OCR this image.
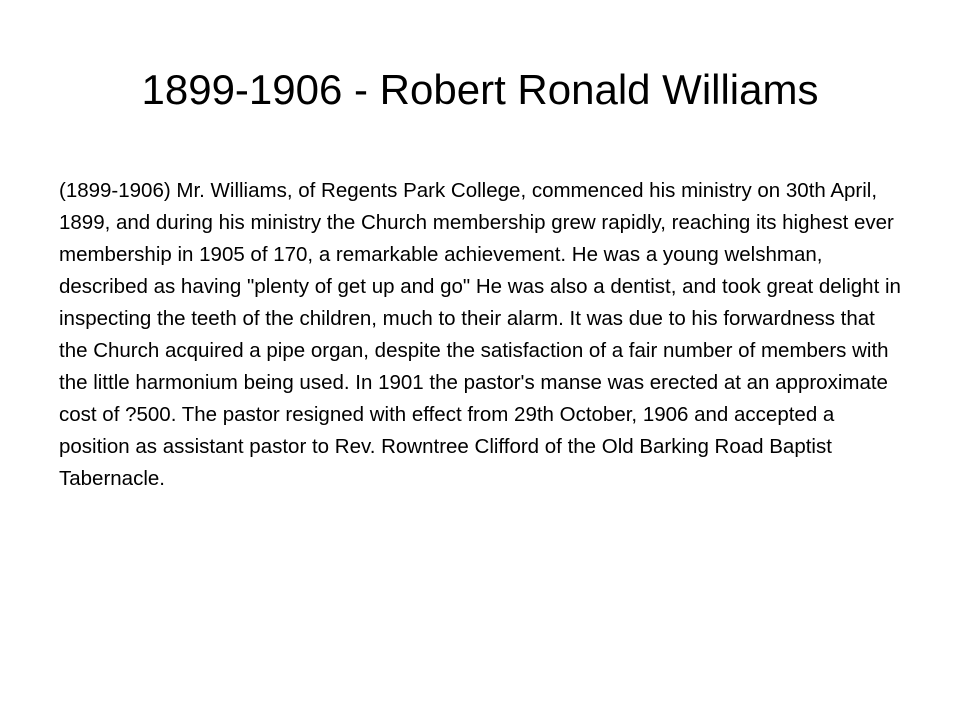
1899-1906 - Robert Ronald Williams

(1899-1906) Mr. Williams, of Regents Park College, commenced his ministry on 30th April, 1899, and during his ministry the Church membership grew rapidly, reaching its highest ever membership in 1905 of 170, a remarkable achievement. He was a young welshman, described as having "plenty of get up and go" He was also a dentist, and took great delight in inspecting the teeth of the children, much to their alarm. It was due to his forwardness that the Church acquired a pipe organ, despite the satisfaction of a fair number of members with the little harmonium being used. In 1901 the pastor's manse was erected at an approximate cost of ?500. The pastor resigned with effect from 29th October, 1906 and accepted a position as assistant pastor to Rev. Rowntree Clifford of the Old Barking Road Baptist Tabernacle.
